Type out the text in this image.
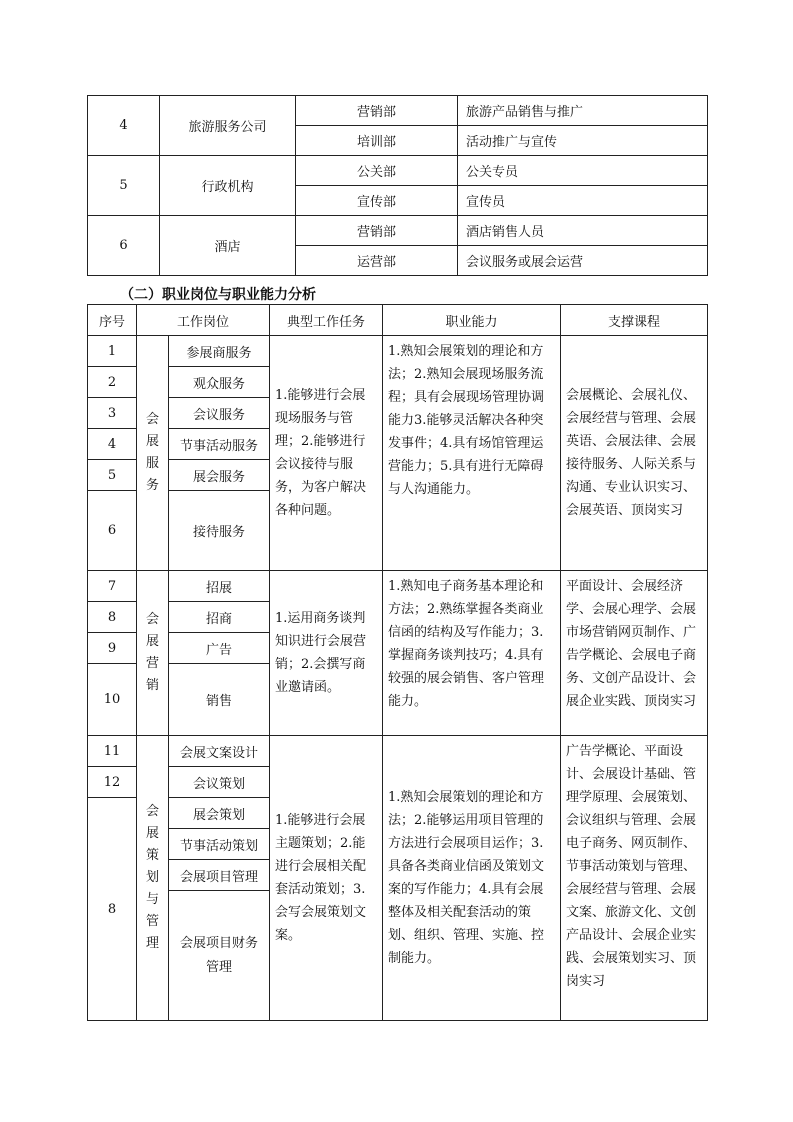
4	旅游服务公司	营销部	旅游产品销售与推广
		培训部	活动推广与宣传
5	行政机构	公关部	公关专员
		宣传部	宣传员
6	酒店	营销部	酒店销售人员
		运营部	会议服务或展会运营
（二）职业岗位与职业能力分析
序号	工作岗位		典型工作任务	职业能力	支撑课程
1	会展服务	参展商服务	1.能够进行会展现场服务与管理；2.能够进行会议接待与服务，为客户解决各种问题。	1.熟知会展策划的理论和方法；2.熟知会展现场服务流程；具有会展现场管理协调能力3.能够灵活解决各种突发事件；4.具有场馆管理运营能力；5.具有进行无障碍与人沟通能力。	会展概论、会展礼仪、会展经营与管理、会展英语、会展法律、会展接待服务、人际关系与沟通、专业认识实习、会展英语、顶岗实习
2		观众服务			
3		会议服务			
4		节事活动服务			
5		展会服务			
6		接待服务			
7	会展营销	招展	1.运用商务谈判知识进行会展营销；2.会撰写商业邀请函。	1.熟知电子商务基本理论和方法；2.熟练掌握各类商业信函的结构及写作能力；3.掌握商务谈判技巧；4.具有较强的展会销售、客户管理能力。	平面设计、会展经济学、会展心理学、会展市场营销网页制作、广告学概论、会展电子商务、文创产品设计、会展企业实践、顶岗实习
8		招商			
9		广告			
10		销售			
11	会展策划与管理	会展文案设计	1.能够进行会展主题策划；2.能进行会展相关配套活动策划；3.会写会展策划文案。	1.熟知会展策划的理论和方法；2.能够运用项目管理的方法进行会展项目运作；3.具备各类商业信函及策划文案的写作能力；4.具有会展整体及相关配套活动的策划、组织、管理、实施、控制能力。	广告学概论、平面设计、会展设计基础、管理学原理、会展策划、会议组织与管理、会展电子商务、网页制作、节事活动策划与管理、会展经营与管理、会展文案、旅游文化、文创产品设计、会展企业实践、会展策划实习、顶岗实习
12		会议策划			
8		展会策划			
		节事活动策划			
		会展项目管理			
		会展项目财务管理			
